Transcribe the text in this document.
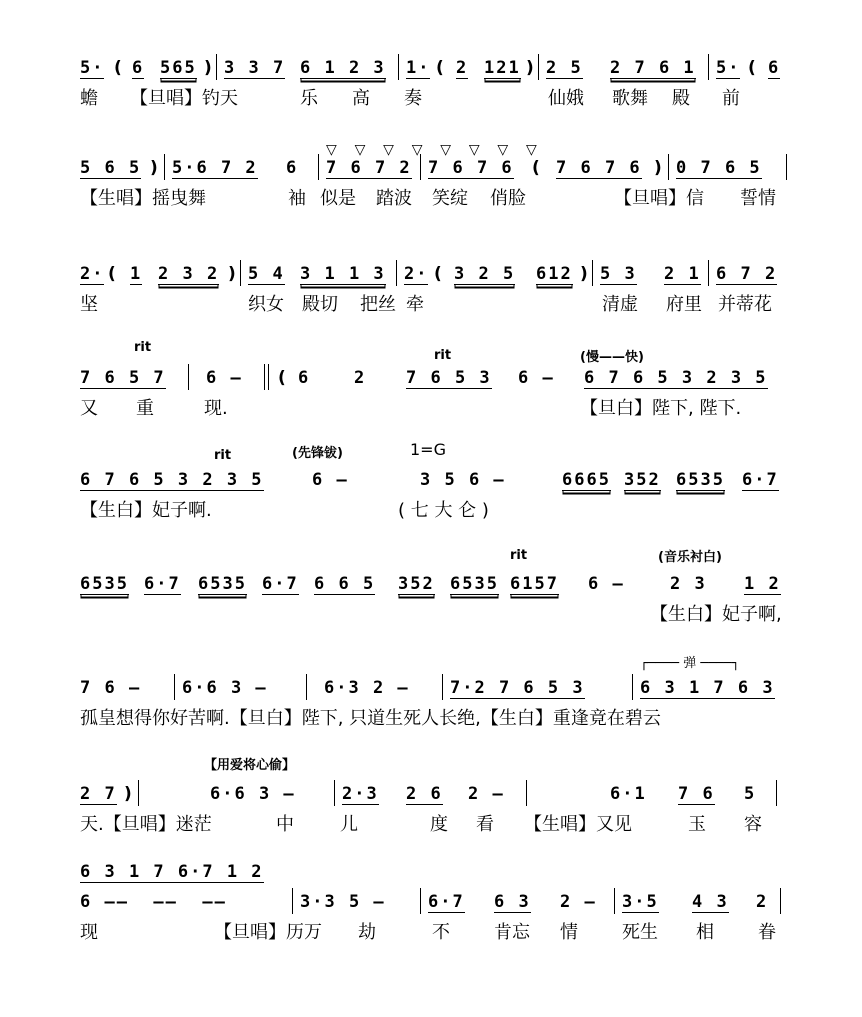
5· ( 6 565 ) 3 3 7 6 1 2 3 1· ( 2 121 ) 2 5 2 7 6 1 5· ( 6
蟾 【旦唱】钓天	乐 高 奏	仙娥 歌舞 殿 前
▽    ▽    ▽    ▽    ▽    ▽    ▽    ▽
5 6 5 ) 5·6 7 2 6 7 6 7 2 7 6 7 6 ( 7 6 7 6 ) 0 7 6 5
【生唱】摇曳舞	袖 似是 踏波 笑绽 俏脸	【旦唱】信 誓情
2· ( 1 2 3 2 ) 5 4 3 1 1 3 2· ( 3 2 5 612 ) 5 3 2 1 6 7 2
坚	织女 殿切 把丝 牵	清虚 府里 并蒂花
rit
rit	(慢——快)
7 6 5 7 6 – ( 6	2 7 6 5 3 6 – 6 7 6 5 3 2 3 5
又 重	现.	【旦白】陛下, 陛下.
rit	(先锋钹)	1=G
6 7 6 5 3 2 3 5	6 –	3 5 6 –	6665 352 6535 6·7
【生白】妃子啊.	( 七 大 仑 )
rit	(音乐衬白)
6535 6·7 6535 6·7 6 6 5 352 6535 6157 6 –	2 3 1 2
【生白】妃子啊,
┌──── 弹 ────┐
7 6 – 6·6 3 –	6·3 2 – 7·2 7 6 5 3	6 3 1 7 6 3
孤皇想得你好苦啊.【旦白】陛下, 只道生死人长绝,【生白】重逢竟在碧云
【用爱将心偷】
2 7 )	6·6 3 –	2·3 2 6 2 –	6·1 7 6 5
天.【旦唱】迷茫	中	儿	度 看 【生唱】又见	玉 容
6 3 1 7 6·7 1 2
6 ——  ——  ——	3·3 5 – 6·7 6 3 2 – 3·5 4 3 2
现	【旦唱】历万 劫	不 肯忘 情 死生 相 眷
